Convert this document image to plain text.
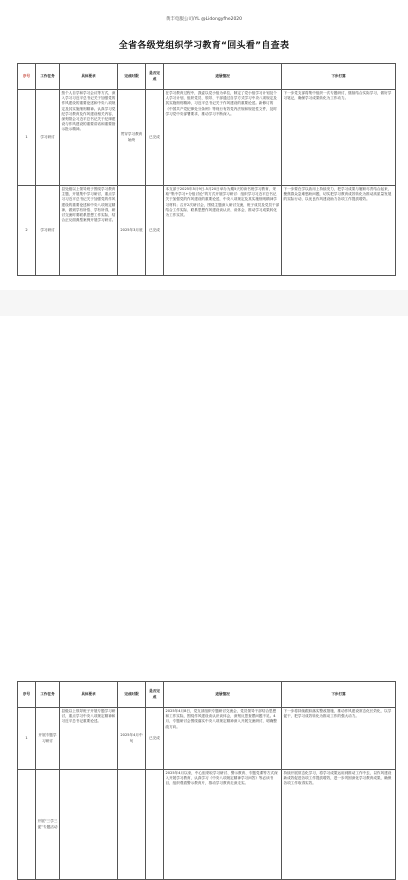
黄丰电服公司/YL @Lidongyfhe2020
全省各级党组织学习教育“回头看”自查表
序号	工作任务	具体要求	完成时限	是否完成	进展情况	下步打算
1	学习研讨	按个人自学和学习会议等方式，深入学习习近平总书记关于加强党的作风建设的重要论述和中央八项规定及其实施细则精神。认真学习党纪学习教育及作风建设相关内容，深刻领会习近平总书记关于纪律建设与作风建设的重要讲话和重要指示批示精神。	贯穿学习教育始终	已完成	在学习教育过程中，我委以党小组为单位，制定了党小组学习计划及个人学习计划，组织党员、领导、干部通过自学方式学习中央八项规定及其实施细则精神，习近平总书记关于作风建设的重要论述。新修订的《中国共产党纪律处分条例》等现行有效党内法规和规范性文件，及时学习党中央部署要求，推动学习不断深入。	下一步党支部将集中组织一次专题研讨，继续结合实际学习，做好学习笔记，确保学习成果转化为工作动力。
2	学习研讨	县处级以上领导班子围绕学习教育主题，开展集中学习研讨，重点学习习近平总书记关于加强党的作风建设的重要论述和中央八项规定精神，做到学有所悟、学有所得，研讨交流时要联系思想工作实际，结合正反面典型案例开展学习研讨。	2025年3月底	已完成	本支部于2025年5月9日-5月20日举办为期5天的读书班学习教育，采取“集中学习+分组讨论”的方式开展学习研讨：组织学习习近平总书记关于加强党的作风建设的重要论述，中央八项规定及其实施细则精神学习材料；召开2次研讨会，围绕主题深入研讨交流，班子成员及党员干部结合工作实际、联系思想作风建设谈认识、谈体会，推动学习成果转化为工作实效。	下一步要在学以致用上持续发力，把学习成果与履职尽责结合起来，聚焦群众急难愁盼问题，切实把学习教育成效转化为推动高质量发展的实际行动，以优良作风建设助力各项工作提质增效。
序号	工作任务	具体要求	完成时限	是否完成	进展情况	下步打算
1	开展专题学习研讨	县级以上领导班子开展专题学习研讨，重点学习中央八项规定精神和习近平总书记重要论述。	2025年4月中旬	已完成	2025年4月8日，党支部组织专题研讨交流会，党员领导干部结合思想和工作实际，围绕作风建设谈认识谈体会，深刻反思查摆问题不足。4月，专题研讨会围绕落实中央八项规定精神深入开展交流研讨，明确整改方向。	下一步将持续跟踪落实整改措施，推动作风建设常态化长效化，以学促干，把学习成效转化为推动工作的强大动力。
	开展“三学三促”专题活动				2025年4月以来，中心组采取学习研讨、警示教育、专题党课等方式深入开展学习教育，认真学习《中央八项规定精神学习问答》等必读书目，组织观看警示教育片，推动学习教育走深走实。	持续开展常态化学习，将学习成果运用到推动工作中去，以作风建设新成效促进各项工作提质增效，进一步巩固深化学习教育成果，确保各项工作取得实效。
